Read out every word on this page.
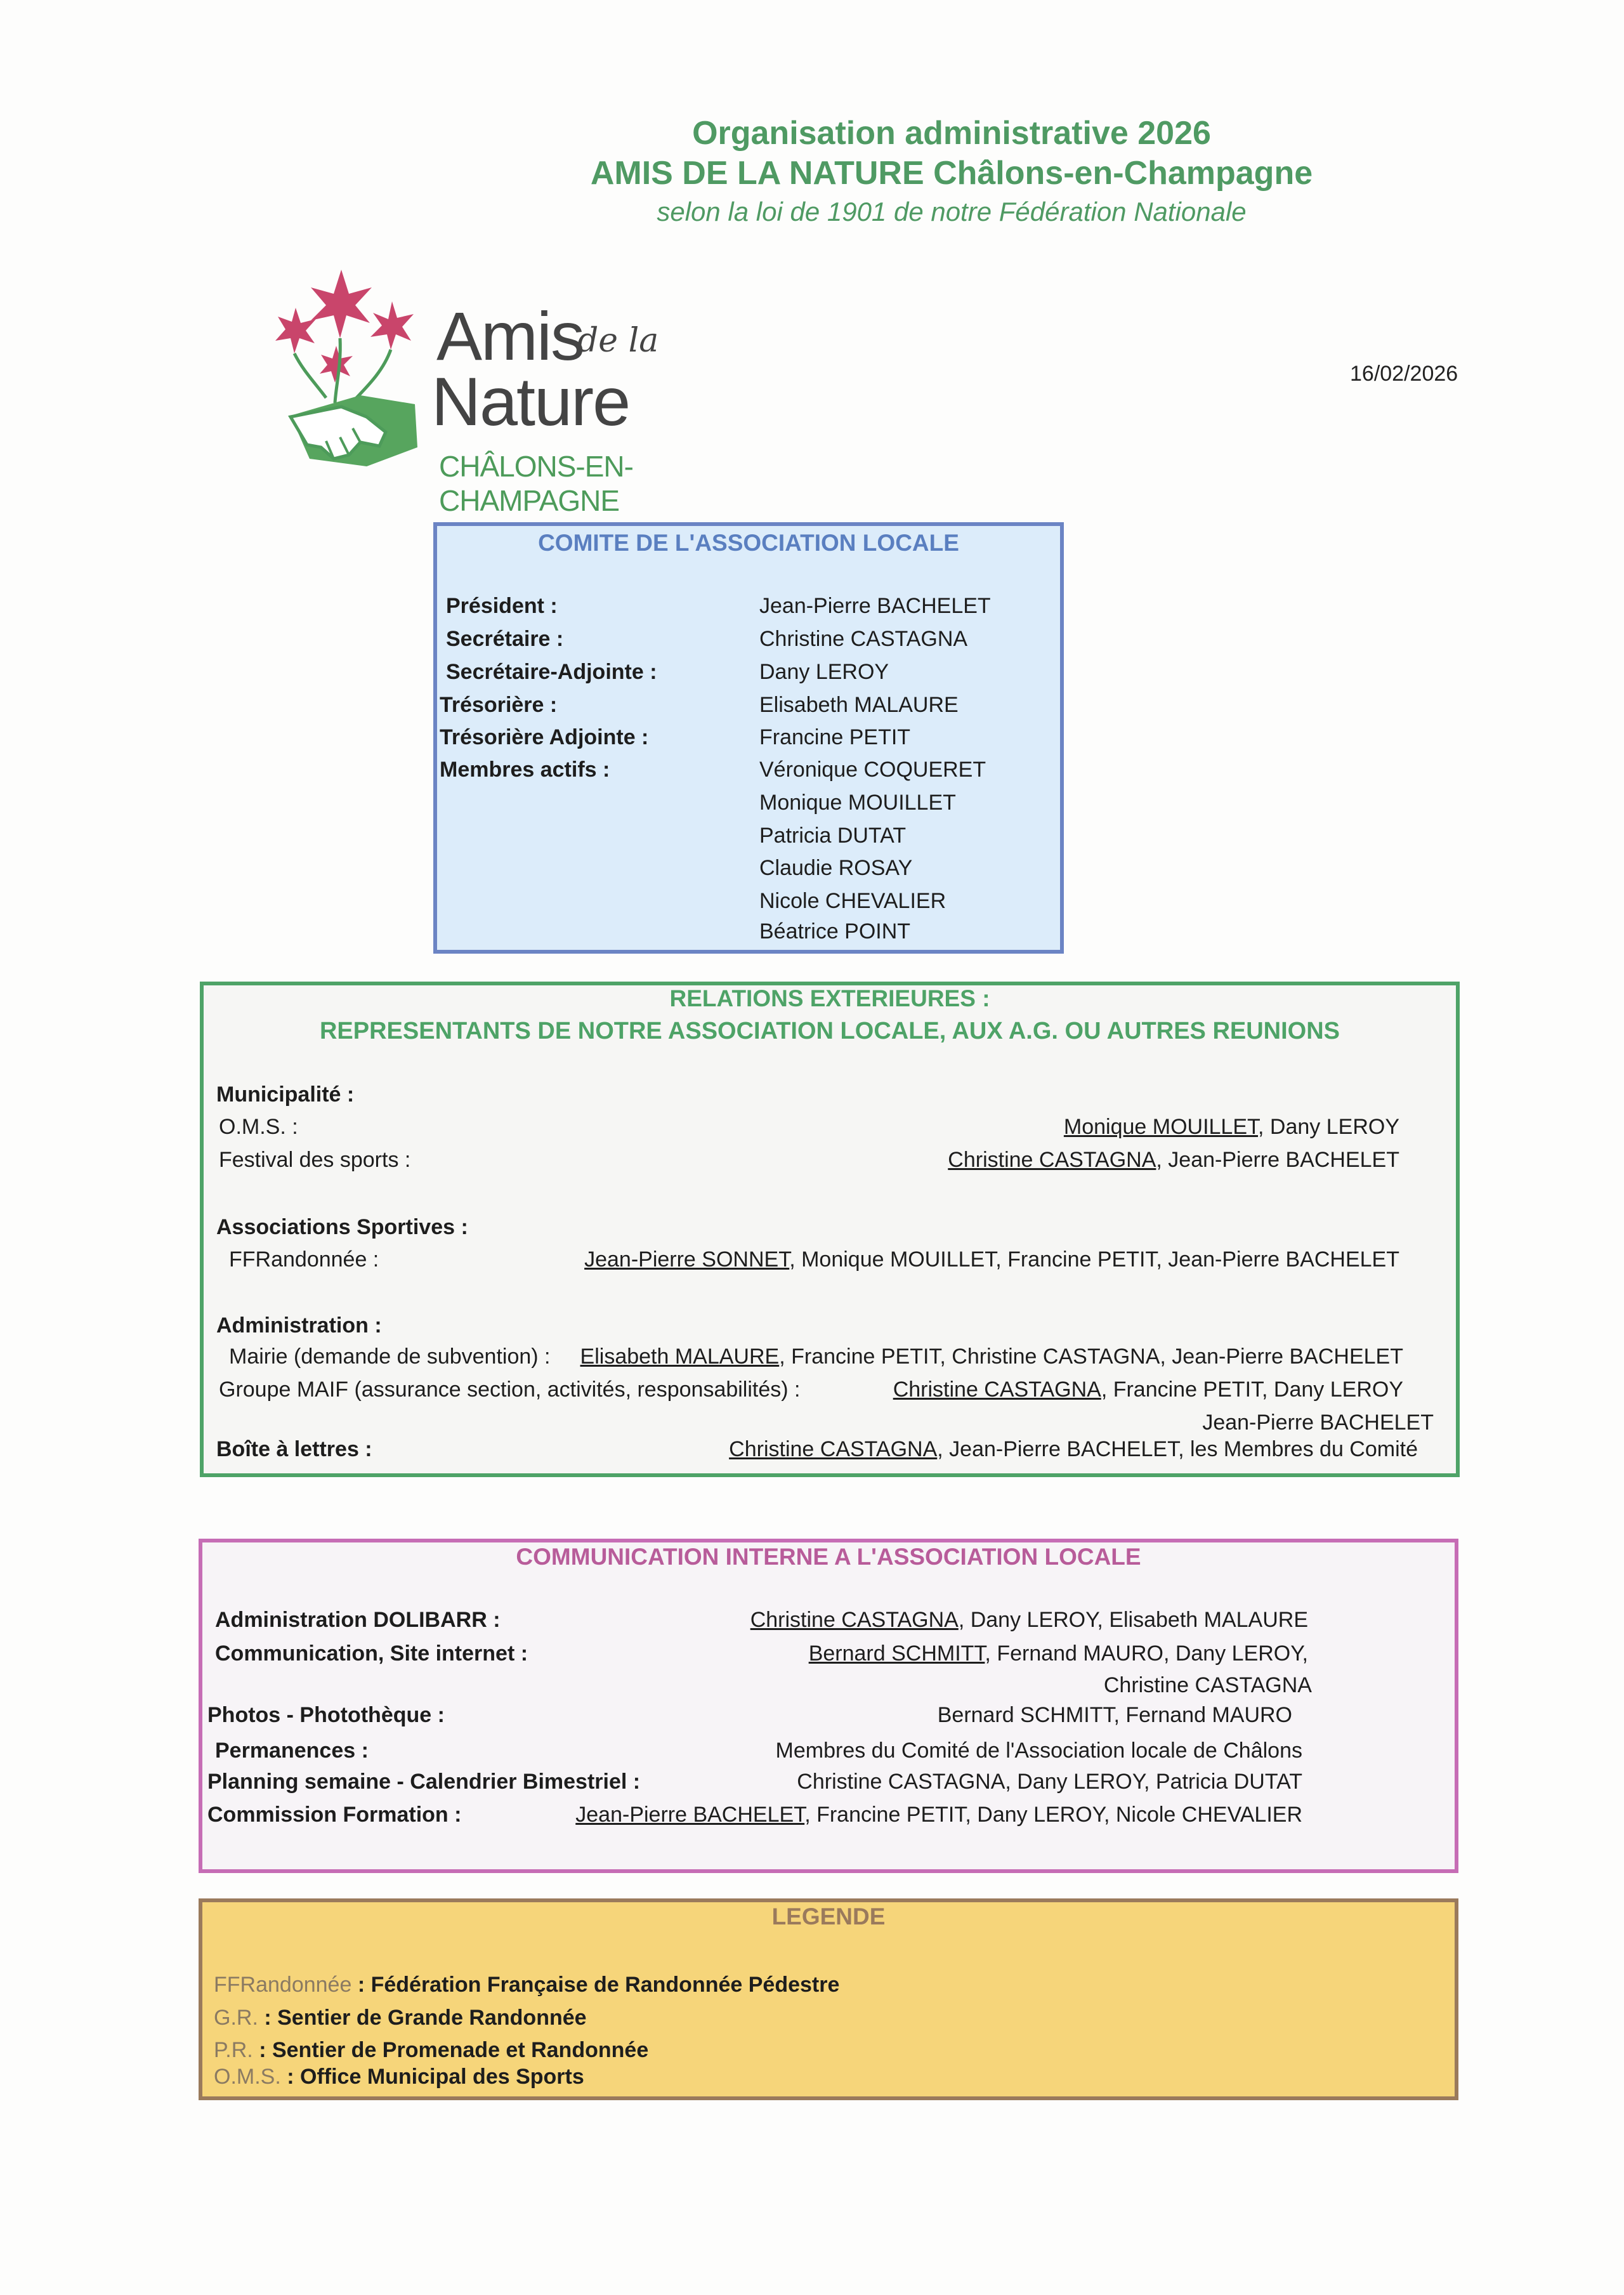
Organisation administrative 2026
AMIS DE LA NATURE Châlons-en-Champagne
selon la loi de 1901 de notre Fédération Nationale
16/02/2026
Amis
de la
Nature
CHÂLONS-EN-CHAMPAGNE
COMITE DE L'ASSOCIATION LOCALE
Président :	Jean-Pierre BACHELET
Secrétaire :	Christine CASTAGNA
Secrétaire-Adjointe :	Dany LEROY
Trésorière :	Elisabeth MALAURE
Trésorière Adjointe :	Francine PETIT
Membres actifs :	Véronique COQUERET
Monique MOUILLET
Patricia DUTAT
Claudie ROSAY
Nicole CHEVALIER
Béatrice POINT
RELATIONS EXTERIEURES :
REPRESENTANTS DE NOTRE ASSOCIATION LOCALE, AUX A.G. OU AUTRES REUNIONS
Municipalité :
O.M.S. :	Monique MOUILLET, Dany LEROY
Festival des sports :	Christine CASTAGNA, Jean-Pierre BACHELET
Associations Sportives :
FFRandonnée :	Jean-Pierre SONNET, Monique MOUILLET, Francine PETIT, Jean-Pierre BACHELET
Administration :
Mairie (demande de subvention) : Elisabeth MALAURE, Francine PETIT, Christine CASTAGNA, Jean-Pierre BACHELET
Groupe MAIF (assurance section, activités, responsabilités) :	Christine CASTAGNA, Francine PETIT, Dany LEROY
Jean-Pierre BACHELET
Boîte à lettres :	Christine CASTAGNA, Jean-Pierre BACHELET, les Membres du Comité
COMMUNICATION INTERNE A L'ASSOCIATION LOCALE
Administration DOLIBARR :	Christine CASTAGNA, Dany LEROY, Elisabeth MALAURE
Communication, Site internet :	Bernard SCHMITT, Fernand MAURO, Dany LEROY,
Christine CASTAGNA
Photos - Photothèque :	Bernard SCHMITT, Fernand MAURO
Permanences :	Membres du Comité de l'Association locale de Châlons
Planning semaine - Calendrier Bimestriel :	Christine CASTAGNA, Dany LEROY, Patricia DUTAT
Commission Formation :	Jean-Pierre BACHELET, Francine PETIT, Dany LEROY, Nicole CHEVALIER
LEGENDE
FFRandonnée : Fédération Française de Randonnée Pédestre
G.R. : Sentier de Grande Randonnée
P.R. : Sentier de Promenade et Randonnée
O.M.S. : Office Municipal des Sports
